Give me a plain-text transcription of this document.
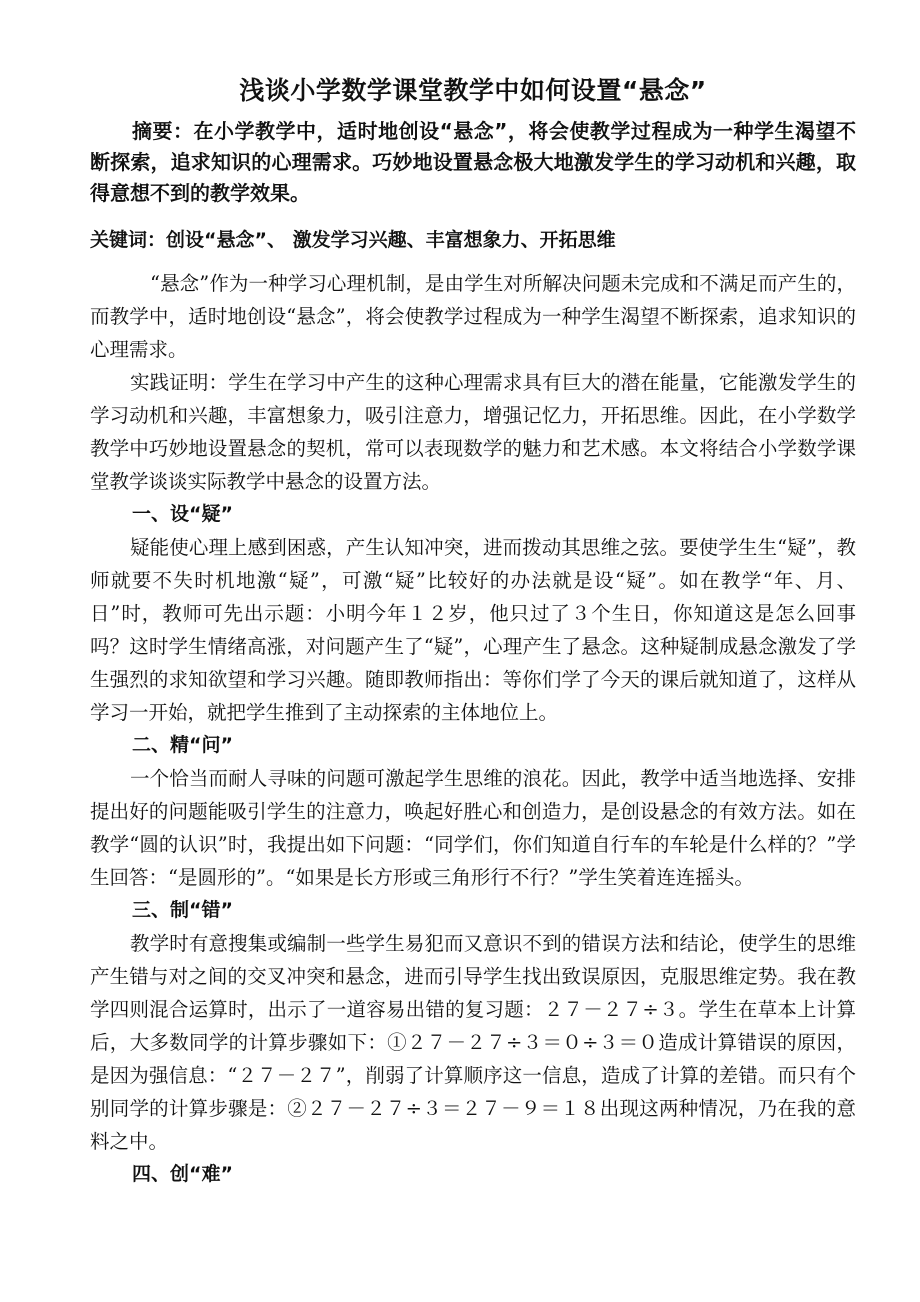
浅谈小学数学课堂教学中如何设置“悬念”

摘要：在小学教学中，适时地创设“悬念”，将会使教学过程成为一种学生渴望不断探索，追求知识的心理需求。巧妙地设置悬念极大地激发学生的学习动机和兴趣，取得意想不到的教学效果。

关键词：创设“悬念”、 激发学习兴趣、丰富想象力、开拓思维

“悬念”作为一种学习心理机制，是由学生对所解决问题未完成和不满足而产生的，而教学中，适时地创设“悬念”，将会使教学过程成为一种学生渴望不断探索，追求知识的心理需求。

实践证明：学生在学习中产生的这种心理需求具有巨大的潜在能量，它能激发学生的学习动机和兴趣，丰富想象力，吸引注意力，增强记忆力，开拓思维。因此，在小学数学教学中巧妙地设置悬念的契机，常可以表现数学的魅力和艺术感。本文将结合小学数学课堂教学谈谈实际教学中悬念的设置方法。

一、设“疑”

疑能使心理上感到困惑，产生认知冲突，进而拨动其思维之弦。要使学生生“疑”，教师就要不失时机地激“疑”，可激“疑”比较好的办法就是设“疑”。如在教学“年、月、日”时，教师可先出示题：小明今年１２岁，他只过了３个生日，你知道这是怎么回事吗？这时学生情绪高涨，对问题产生了“疑”，心理产生了悬念。这种疑制成悬念激发了学生强烈的求知欲望和学习兴趣。随即教师指出：等你们学了今天的课后就知道了，这样从学习一开始，就把学生推到了主动探索的主体地位上。

二、精“问”

一个恰当而耐人寻味的问题可激起学生思维的浪花。因此，教学中适当地选择、安排提出好的问题能吸引学生的注意力，唤起好胜心和创造力，是创设悬念的有效方法。如在教学“圆的认识”时，我提出如下问题：“同学们，你们知道自行车的车轮是什么样的？”学生回答：“是圆形的”。“如果是长方形或三角形行不行？”学生笑着连连摇头。

三、制“错”

教学时有意搜集或编制一些学生易犯而又意识不到的错误方法和结论，使学生的思维产生错与对之间的交叉冲突和悬念，进而引导学生找出致误原因，克服思维定势。我在教学四则混合运算时，出示了一道容易出错的复习题：２７－２７÷３。学生在草本上计算后，大多数同学的计算步骤如下：①２７－２７÷３＝０÷３＝０造成计算错误的原因，是因为强信息：“２７－２７”，削弱了计算顺序这一信息，造成了计算的差错。而只有个别同学的计算步骤是：②２７－２７÷３＝２７－９＝１８出现这两种情况，乃在我的意料之中。

四、创“难”
